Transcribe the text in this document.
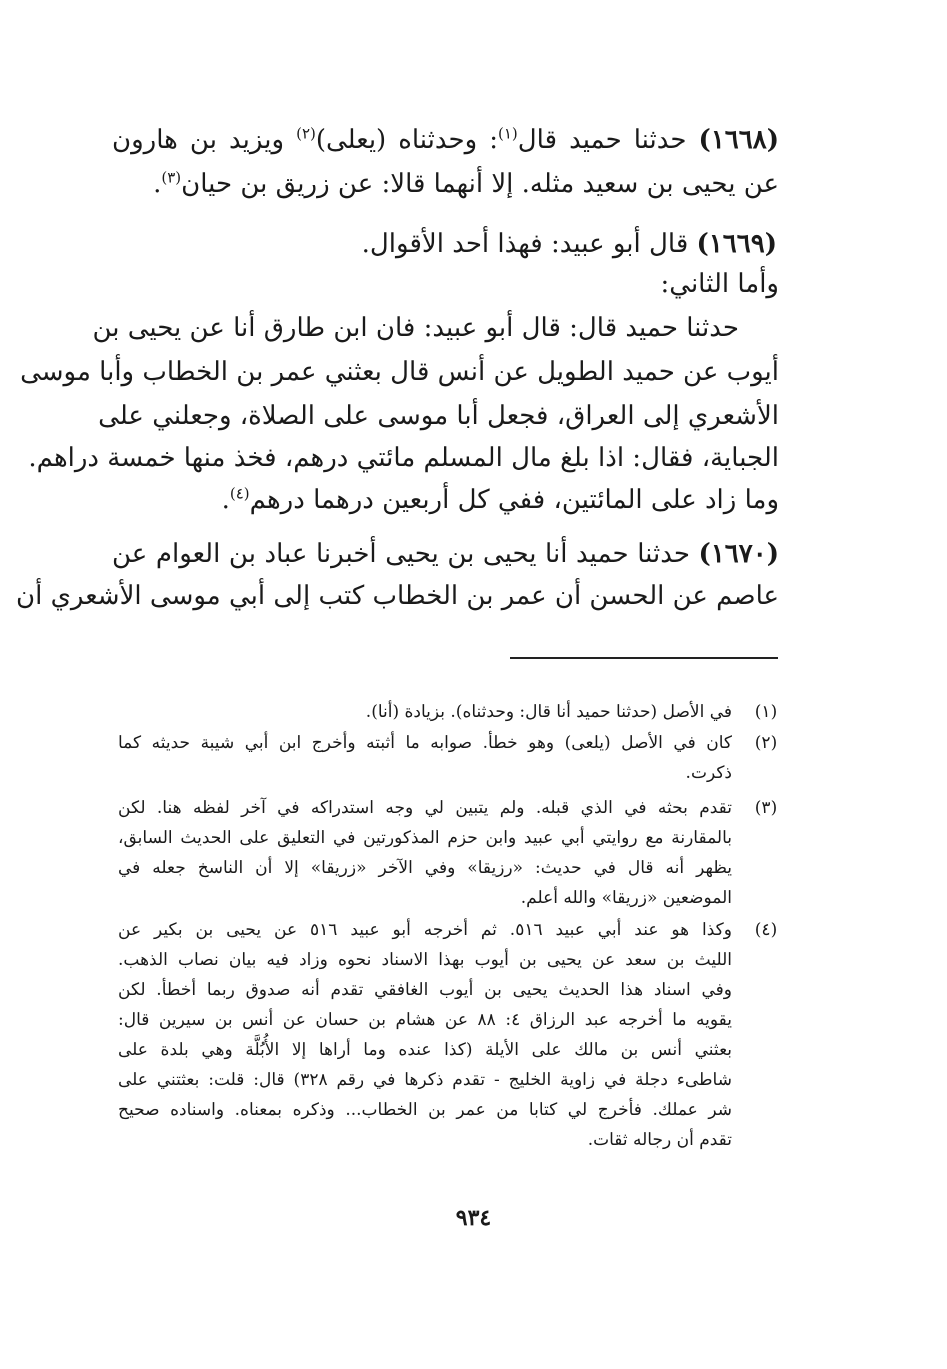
(١٦٦٨) حدثنا حميد قال$^{(١)}$: وحدثناه (يعلى)$^{(٢)}$ ويزيد بن هارون
عن يحيى بن سعيد مثله. إلا أنهما قالا: عن زريق بن حيان$^{(٣)}$.
(١٦٦٩) قال أبو عبيد: فهذا أحد الأقوال.
وأما الثاني:
حدثنا حميد قال: قال أبو عبيد: فان ابن طارق أنا عن يحيى بن
أيوب عن حميد الطويل عن أنس قال بعثني عمر بن الخطاب وأبا موسى
الأشعري إلى العراق، فجعل أبا موسى على الصلاة، وجعلني على
الجباية، فقال: اذا بلغ مال المسلم مائتي درهم، فخذ منها خمسة دراهم.
وما زاد على المائتين، ففي كل أربعين درهما درهم$^{(٤)}$.
(١٦٧٠) حدثنا حميد أنا يحيى بن يحيى أخبرنا عباد بن العوام عن
عاصم عن الحسن أن عمر بن الخطاب كتب إلى أبي موسى الأشعري أن
(١)
في الأصل (حدثنا حميد أنا قال: وحدثناه). بزيادة (أنا).
(٢)
كان في الأصل (يلعى) وهو خطأ. صوابه ما أثبته وأخرج ابن أبي شيبة حديثه كما
ذكرت.
(٣)
تقدم بحثه في الذي قبله. ولم يتبين لي وجه استدراكه في آخر لفظه هنا. لكن
بالمقارنة مع روايتي أبي عبيد وابن حزم المذكورتين في التعليق على الحديث السابق،
يظهر أنه قال في حديث: «رزيقا» وفي الآخر «زريقا» إلا أن الناسخ جعله في
الموضعين «زريقا» والله أعلم.
(٤)
وكذا هو عند أبي عبيد ٥١٦. ثم أخرجه أبو عبيد ٥١٦ عن يحيى بن بكير عن
الليث بن سعد عن يحيى بن أيوب بهذا الاسناد نحوه وزاد فيه بيان نصاب الذهب.
وفي اسناد هذا الحديث يحيى بن أيوب الغافقي تقدم أنه صدوق ربما أخطأ. لكن
يقويه ما أخرجه عبد الرزاق ٤: ٨٨ عن هشام بن حسان عن أنس بن سيرين قال:
بعثني أنس بن مالك على الأيلة (كذا عنده وما أراها إلا الأُبُلَّة وهي بلدة على
شاطىء دجلة في زاوية الخليج - تقدم ذكرها في رقم ٣٢٨) قال: قلت: بعثتني على
شر عملك. فأخرج لي كتابا من عمر بن الخطاب... وذكره بمعناه. واسناده صحيح
تقدم أن رجاله ثقات.
٩٣٤
